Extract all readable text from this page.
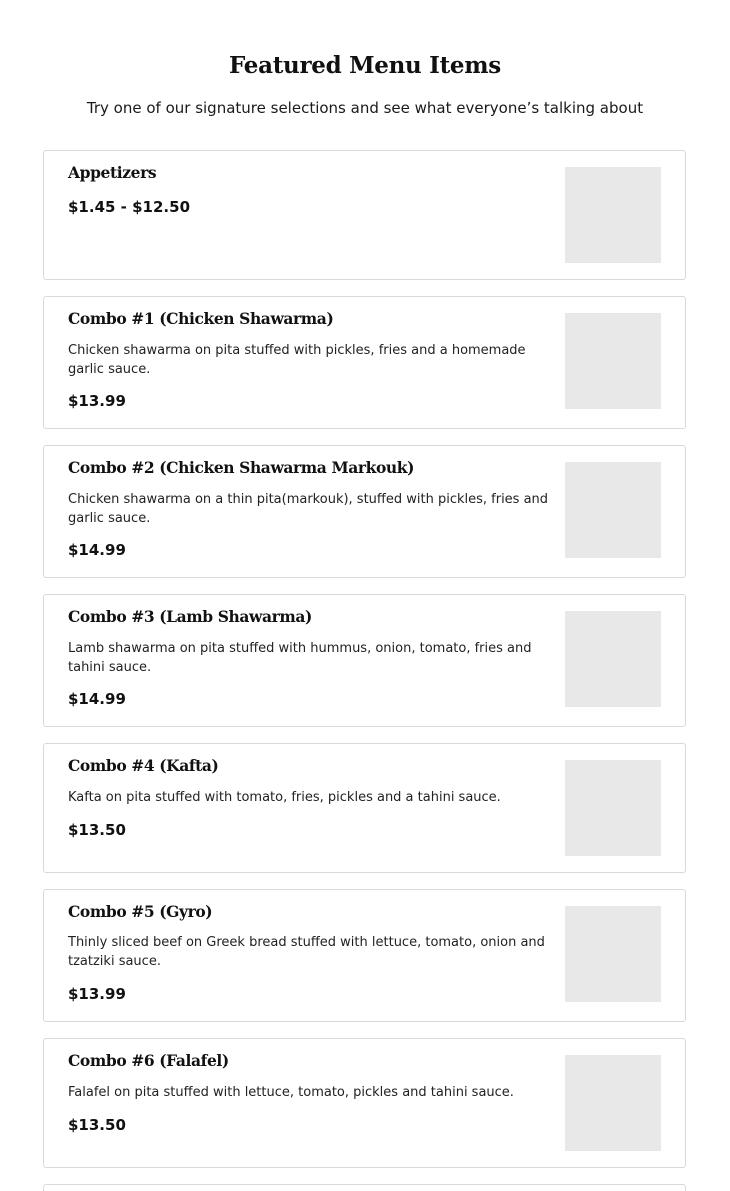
Featured Menu Items

Try one of our signature selections and see what everyone’s talking about

Appetizers
$1.45 - $12.50
Combo #1 (Chicken Shawarma)
Chicken shawarma on pita stuffed with pickles, fries and a homemade garlic sauce.
$13.99
Combo #2 (Chicken Shawarma Markouk)
Chicken shawarma on a thin pita(markouk), stuffed with pickles, fries and garlic sauce.
$14.99
Combo #3 (Lamb Shawarma)
Lamb shawarma on pita stuffed with hummus, onion, tomato, fries and tahini sauce.
$14.99
Combo #4 (Kafta)
Kafta on pita stuffed with tomato, fries, pickles and a tahini sauce.
$13.50
Combo #5 (Gyro)
Thinly sliced beef on Greek bread stuffed with lettuce, tomato, onion and tzatziki sauce.
$13.99
Combo #6 (Falafel)
Falafel on pita stuffed with lettuce, tomato, pickles and tahini sauce.
$13.50
